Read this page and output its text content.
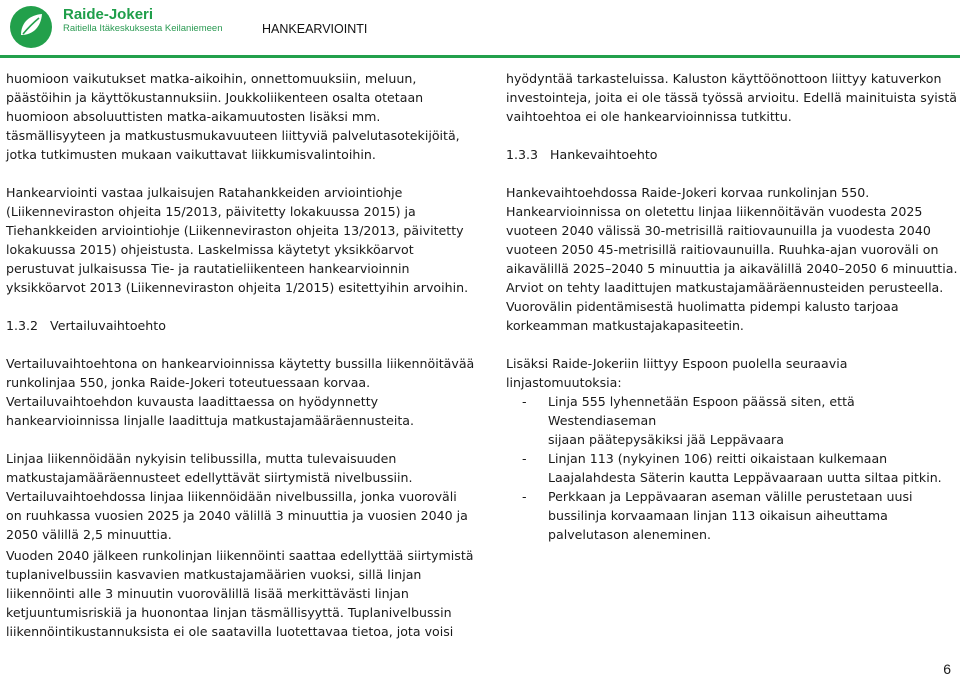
Raide-Jokeri
Raitiella Itäkeskuksesta Keilaniemeen	HANKEARVIOINTI

huomioon vaikutukset matka-aikoihin, onnettomuuksiin, meluun,
päästöihin ja käyttökustannuksiin. Joukkoliikenteen osalta otetaan
huomioon absoluuttisten matka-aikamuutosten lisäksi mm.
täsmällisyyteen ja matkustusmukavuuteen liittyviä palvelutasotekijöitä,
jotka tutkimusten mukaan vaikuttavat liikkumisvalintoihin.

Hankearviointi vastaa julkaisujen Ratahankkeiden arviointiohje
(Liikenneviraston ohjeita 15/2013, päivitetty lokakuussa 2015) ja
Tiehankkeiden arviointiohje (Liikenneviraston ohjeita 13/2013, päivitetty
lokakuussa 2015) ohjeistusta. Laskelmissa käytetyt yksikköarvot
perustuvat julkaisussa Tie- ja rautatieliikenteen hankearvioinnin
yksikköarvot 2013 (Liikenneviraston ohjeita 1/2015) esitettyihin arvoihin.

1.3.2   Vertailuvaihtoehto

Vertailuvaihtoehtona on hankearvioinnissa käytetty bussilla liikennöitävää
runkolinjaa 550, jonka Raide-Jokeri toteutuessaan korvaa.
Vertailuvaihtoehdon kuvausta laadittaessa on hyödynnetty
hankearvioinnissa linjalle laadittuja matkustajamääräennusteita.

Linjaa liikennöidään nykyisin telibussilla, mutta tulevaisuuden
matkustajamääräennusteet edellyttävät siirtymistä nivelbussiin.
Vertailuvaihtoehdossa linjaa liikennöidään nivelbussilla, jonka vuoroväli
on ruuhkassa vuosien 2025 ja 2040 välillä 3 minuuttia ja vuosien 2040 ja
2050 välillä 2,5 minuuttia.

Vuoden 2040 jälkeen runkolinjan liikennöinti saattaa edellyttää siirtymistä
tuplanivelbussiin kasvavien matkustajamäärien vuoksi, sillä linjan
liikennöinti alle 3 minuutin vuorovälillä lisää merkittävästi linjan
ketjuuntumisriskiä ja huonontaa linjan täsmällisyyttä. Tuplanivelbussin
liikennöintikustannuksista ei ole saatavilla luotettavaa tietoa, jota voisi

hyödyntää tarkasteluissa. Kaluston käyttöönottoon liittyy katuverkon
investointeja, joita ei ole tässä työssä arvioitu. Edellä mainituista syistä
vaihtoehtoa ei ole hankearvioinnissa tutkittu.

1.3.3   Hankevaihtoehto

Hankevaihtoehdossa Raide-Jokeri korvaa runkolinjan 550.
Hankearvioinnissa on oletettu linjaa liikennöitävän vuodesta 2025
vuoteen 2040 välissä 30-metrisillä raitiovaunuilla ja vuodesta 2040
vuoteen 2050 45-metrisillä raitiovaunuilla. Ruuhka-ajan vuoroväli on
aikavälillä 2025–2040 5 minuuttia ja aikavälillä 2040–2050 6 minuuttia.
Arviot on tehty laadittujen matkustajamääräennusteiden perusteella.
Vuorovälin pidentämisestä huolimatta pidempi kalusto tarjoaa
korkeamman matkustajakapasiteetin.

Lisäksi Raide-Jokeriin liittyy Espoon puolella seuraavia linjastomuutoksia:

- Linja 555 lyhennetään Espoon päässä siten, että Westendiaseman
sijaan päätepysäkiksi jää Leppävaara
- Linjan 113 (nykyinen 106) reitti oikaistaan kulkemaan
Laajalahdesta Säterin kautta Leppävaaraan uutta siltaa pitkin.
- Perkkaan ja Leppävaaran aseman välille perustetaan uusi
bussilinja korvaamaan linjan 113 oikaisun aiheuttama
palvelutason aleneminen.
6
